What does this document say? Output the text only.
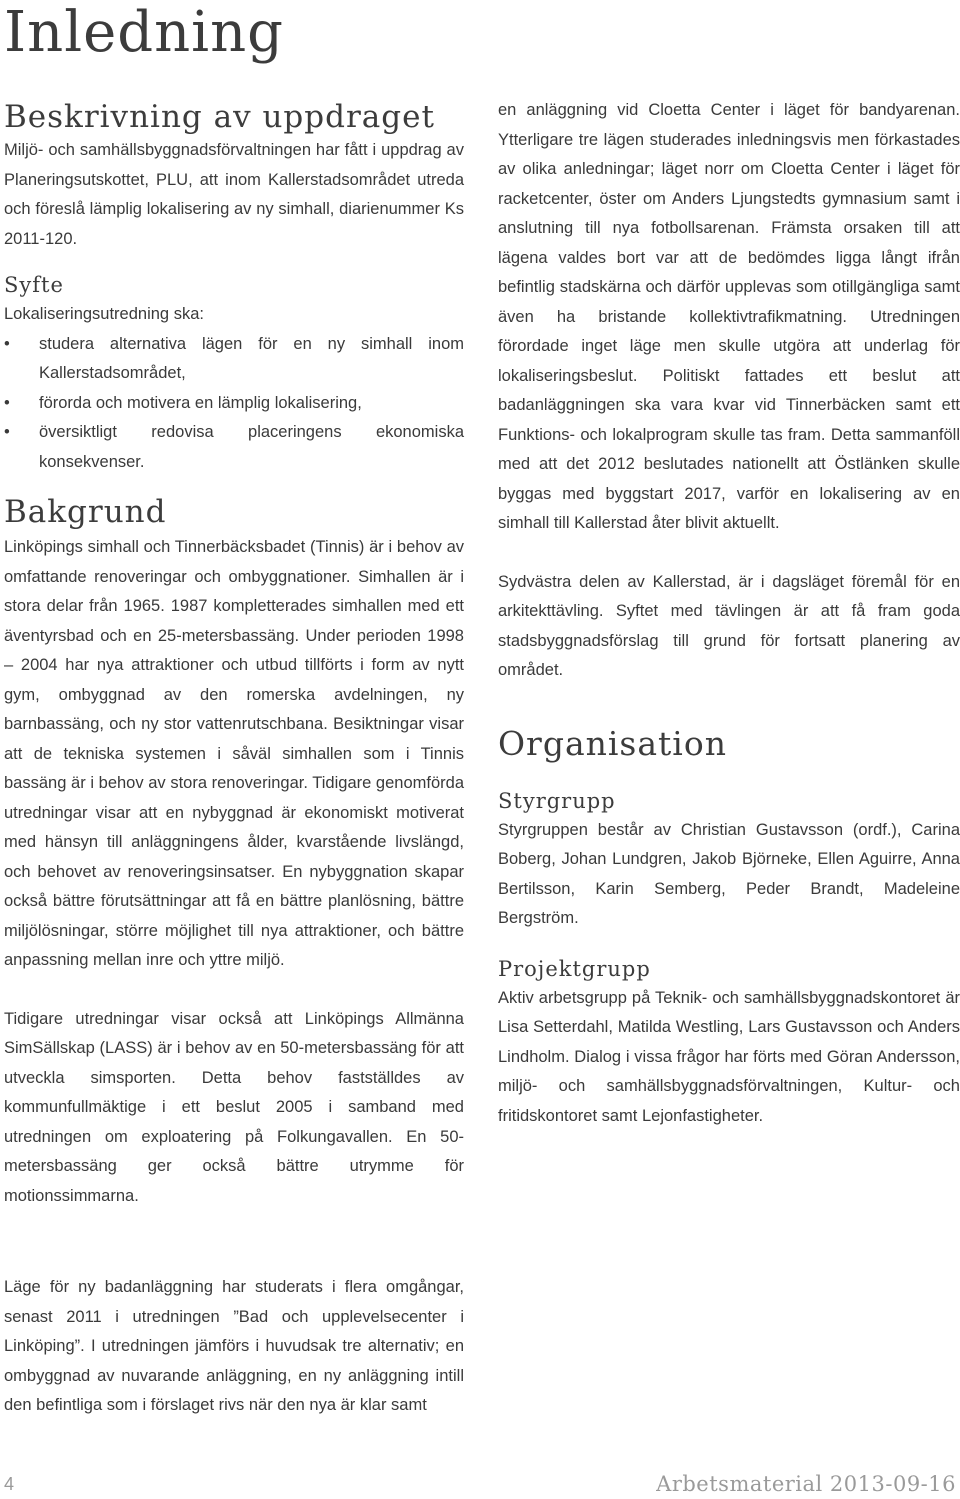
Inledning
Beskrivning av uppdraget

Miljö- och samhällsbyggnadsförvaltningen har fått i uppdrag av Planeringsutskottet, PLU, att inom Kallerstadsområdet utreda och föreslå lämplig lokalisering av ny simhall, diarienummer Ks 2011-120.

Syfte

Lokaliseringsutredning ska:

• studera alternativa lägen för en ny simhall inom Kallerstadsområdet,
• förorda och motivera en lämplig lokalisering,
• översiktligt redovisa placeringens ekonomiska konsekvenser.
Bakgrund

Linköpings simhall och Tinnerbäcksbadet (Tinnis) är i behov av omfattande renoveringar och ombyggnationer. Simhallen är i stora delar från 1965. 1987 kompletterades simhallen med ett äventyrsbad och en 25-metersbassäng. Under perioden 1998 – 2004 har nya attraktioner och utbud tillförts i form av nytt gym, ombyggnad av den romerska avdelningen, ny barnbassäng, och ny stor vattenrutschbana. Besiktningar visar att de tekniska systemen i såväl simhallen som i Tinnis bassäng är i behov av stora renoveringar. Tidigare genomförda utredningar visar att en nybyggnad är ekonomiskt motiverat med hänsyn till anläggningens ålder, kvarstående livslängd, och behovet av renoveringsinsatser. En nybyggnation skapar också bättre förutsättningar att få en bättre planlösning, bättre miljölösningar, större möjlighet till nya attraktioner, och bättre anpassning mellan inre och yttre miljö.

Tidigare utredningar visar också att Linköpings Allmänna SimSällskap (LASS) är i behov av en 50-metersbassäng för att utveckla simsporten. Detta behov fastställdes av kommunfullmäktige i ett beslut 2005 i samband med utredningen om exploatering på Folkungavallen. En 50-metersbassäng ger också bättre utrymme för motionssimmarna.

Läge för ny badanläggning har studerats i flera omgångar, senast 2011 i utredningen ”Bad och upplevelsecenter i Linköping”. I utredningen jämförs i huvudsak tre alternativ; en ombyggnad av nuvarande anläggning, en ny anläggning intill den befintliga som i förslaget rivs när den nya är klar samt

en anläggning vid Cloetta Center i läget för bandyarenan. Ytterligare tre lägen studerades inledningsvis men förkastades av olika anledningar; läget norr om Cloetta Center i läget för racketcenter, öster om Anders Ljungstedts gymnasium samt i anslutning till nya fotbollsarenan. Främsta orsaken till att lägena valdes bort var att de bedömdes ligga långt ifrån befintlig stadskärna och därför upplevas som otillgängliga samt även ha bristande kollektivtrafikmatning. Utredningen förordade inget läge men skulle utgöra att underlag för lokaliseringsbeslut. Politiskt fattades ett beslut att badanläggningen ska vara kvar vid Tinnerbäcken samt ett Funktions- och lokalprogram skulle tas fram. Detta sammanföll med att det 2012 beslutades nationellt att Östlänken skulle byggas med byggstart 2017, varför en lokalisering av en simhall till Kallerstad åter blivit aktuellt.

Sydvästra delen av Kallerstad, är i dagsläget föremål för en arkitekttävling. Syftet med tävlingen är att få fram goda stadsbyggnadsförslag till grund för fortsatt planering av området.

Organisation
Styrgrupp

Styrgruppen består av Christian Gustavsson (ordf.), Carina Boberg, Johan Lundgren, Jakob Björneke, Ellen Aguirre, Anna Bertilsson, Karin Semberg, Peder Brandt, Madeleine Bergström.

Projektgrupp

Aktiv arbetsgrupp på Teknik- och samhällsbyggnadskontoret är Lisa Setterdahl, Matilda Westling, Lars Gustavsson och Anders Lindholm. Dialog i vissa frågor har förts med Göran Andersson, miljö- och samhällsbyggnadsförvaltningen, Kultur- och fritidskontoret samt Lejonfastigheter.

4	Arbetsmaterial 2013-09-16
